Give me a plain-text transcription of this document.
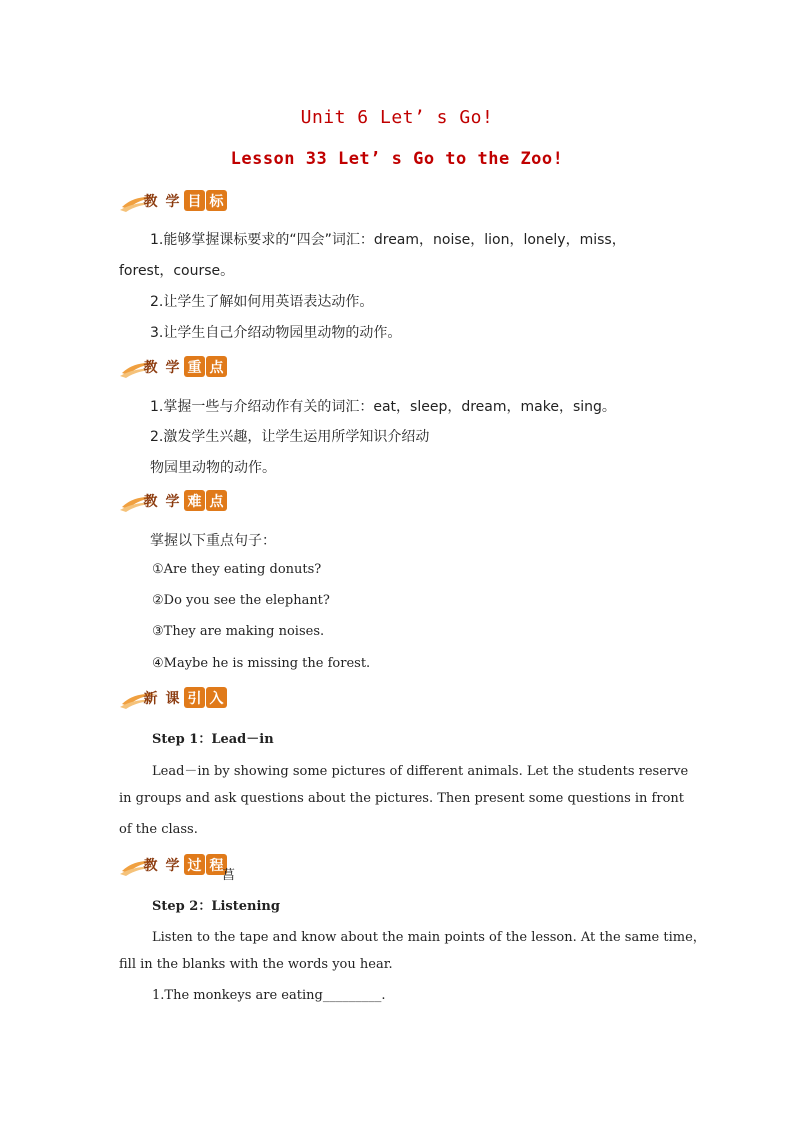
Unit 6 Let’ s Go!
Lesson 33 Let’ s Go to the Zoo!
教 学 目 标
1.能够掌握课标要求的“四会”词汇：dream，noise，lion，lonely，miss，
forest，course。
2.让学生了解如何用英语表达动作。
3.让学生自己介绍动物园里动物的动作。
教 学 重 点
1.掌握一些与介绍动作有关的词汇：eat，sleep，dream，make，sing。
2.激发学生兴趣，让学生运用所学知识介绍动
物园里动物的动作。
教 学 难 点
掌握以下重点句子：
①Are they eating donuts?
②Do you see the elephant?
③They are making noises.
④Maybe he is missing the forest.
新 课 引 入
Step 1：Lead－in
Lead－in by showing some pictures of different animals. Let the students reserve
in groups and ask questions about the pictures. Then present some questions in front
of the class.
教 学 过 程
菖
Step 2：Listening
Listen to the tape and know about the main points of the lesson. At the same time，
fill in the blanks with the words you hear.
1.The monkeys are eating_________.
